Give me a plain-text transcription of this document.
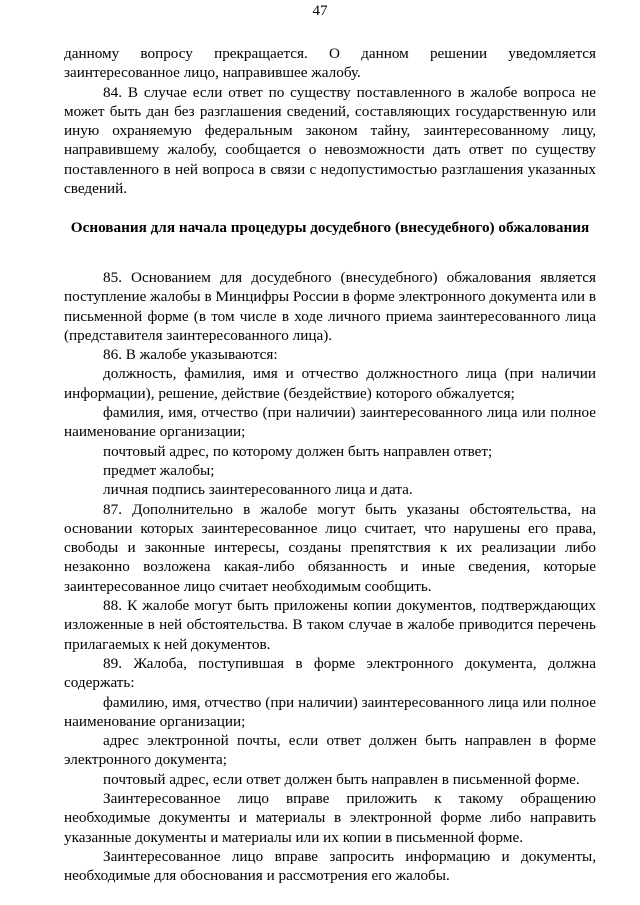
47

данному вопросу прекращается. О данном решении уведомляется заинтересованное лицо, направившее жалобу.

84. В случае если ответ по существу поставленного в жалобе вопроса не может быть дан без разглашения сведений, составляющих государственную или иную охраняемую федеральным законом тайну, заинтересованному лицу, направившему жалобу, сообщается о невозможности дать ответ по существу поставленного в ней вопроса в связи с недопустимостью разглашения указанных сведений.

Основания для начала процедуры досудебного (внесудебного) обжалования

85. Основанием для досудебного (внесудебного) обжалования является поступление жалобы в Минцифры России в форме электронного документа или в письменной форме (в том числе в ходе личного приема заинтересованного лица (представителя заинтересованного лица).

86. В жалобе указываются:

должность, фамилия, имя и отчество должностного лица (при наличии информации), решение, действие (бездействие) которого обжалуется;

фамилия, имя, отчество (при наличии) заинтересованного лица или полное наименование организации;

почтовый адрес, по которому должен быть направлен ответ;

предмет жалобы;

личная подпись заинтересованного лица и дата.

87. Дополнительно в жалобе могут быть указаны обстоятельства, на основании которых заинтересованное лицо считает, что нарушены его права, свободы и законные интересы, созданы препятствия к их реализации либо незаконно возложена какая-либо обязанность и иные сведения, которые заинтересованное лицо считает необходимым сообщить.

88. К жалобе могут быть приложены копии документов, подтверждающих изложенные в ней обстоятельства. В таком случае в жалобе приводится перечень прилагаемых к ней документов.

89. Жалоба, поступившая в форме электронного документа, должна содержать:

фамилию, имя, отчество (при наличии) заинтересованного лица или полное наименование организации;

адрес электронной почты, если ответ должен быть направлен в форме электронного документа;

почтовый адрес, если ответ должен быть направлен в письменной форме.

Заинтересованное лицо вправе приложить к такому обращению необходимые документы и материалы в электронной форме либо направить указанные документы и материалы или их копии в письменной форме.

Заинтересованное лицо вправе запросить информацию и документы, необходимые для обоснования и рассмотрения его жалобы.
